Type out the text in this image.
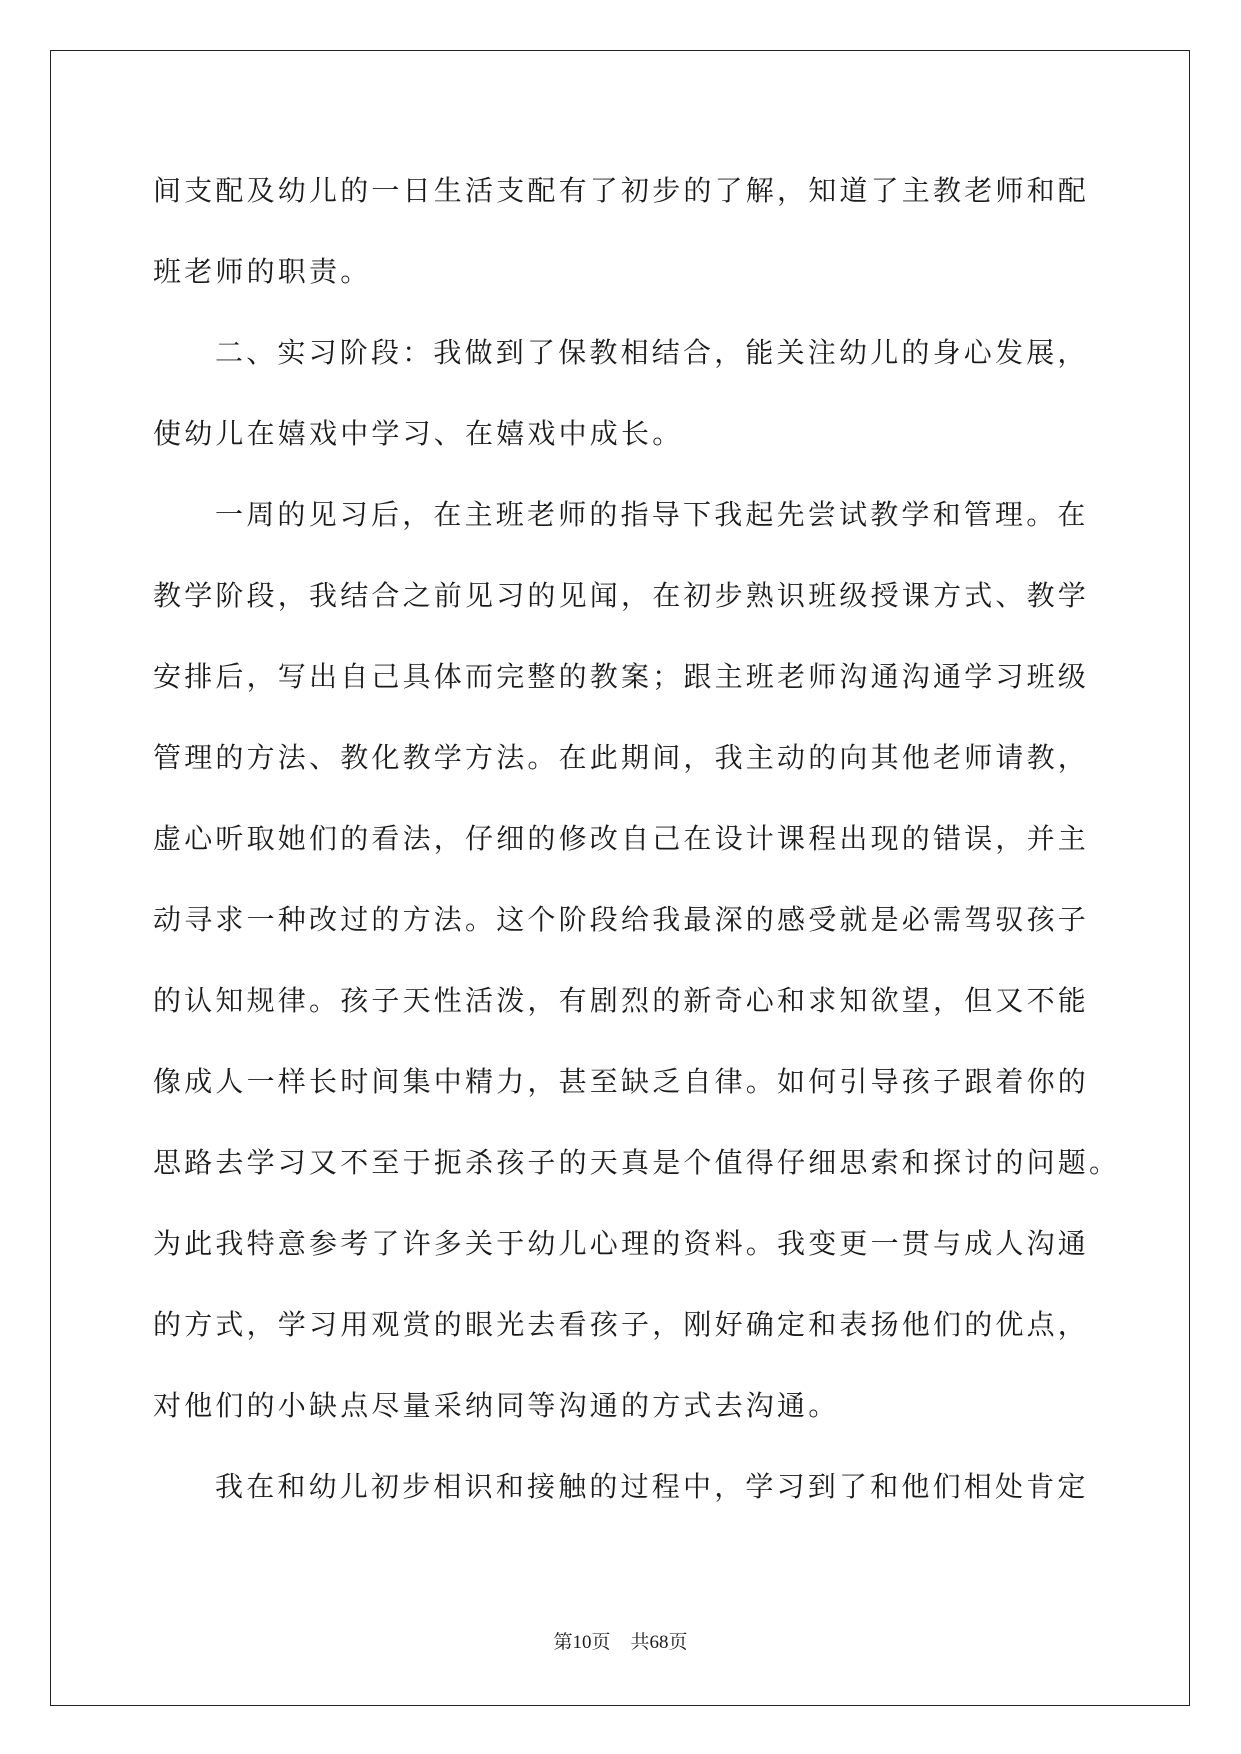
间支配及幼儿的一日生活支配有了初步的了解，知道了主教老师和配
班老师的职责。
二、实习阶段：我做到了保教相结合，能关注幼儿的身心发展，
使幼儿在嬉戏中学习、在嬉戏中成长。
一周的见习后，在主班老师的指导下我起先尝试教学和管理。在
教学阶段，我结合之前见习的见闻，在初步熟识班级授课方式、教学
安排后，写出自己具体而完整的教案；跟主班老师沟通沟通学习班级
管理的方法、教化教学方法。在此期间，我主动的向其他老师请教，
虚心听取她们的看法，仔细的修改自己在设计课程出现的错误，并主
动寻求一种改过的方法。这个阶段给我最深的感受就是必需驾驭孩子
的认知规律。孩子天性活泼，有剧烈的新奇心和求知欲望，但又不能
像成人一样长时间集中精力，甚至缺乏自律。如何引导孩子跟着你的
思路去学习又不至于扼杀孩子的天真是个值得仔细思索和探讨的问题。
为此我特意参考了许多关于幼儿心理的资料。我变更一贯与成人沟通
的方式，学习用观赏的眼光去看孩子，刚好确定和表扬他们的优点，
对他们的小缺点尽量采纳同等沟通的方式去沟通。
我在和幼儿初步相识和接触的过程中，学习到了和他们相处肯定
第10页 共68页
